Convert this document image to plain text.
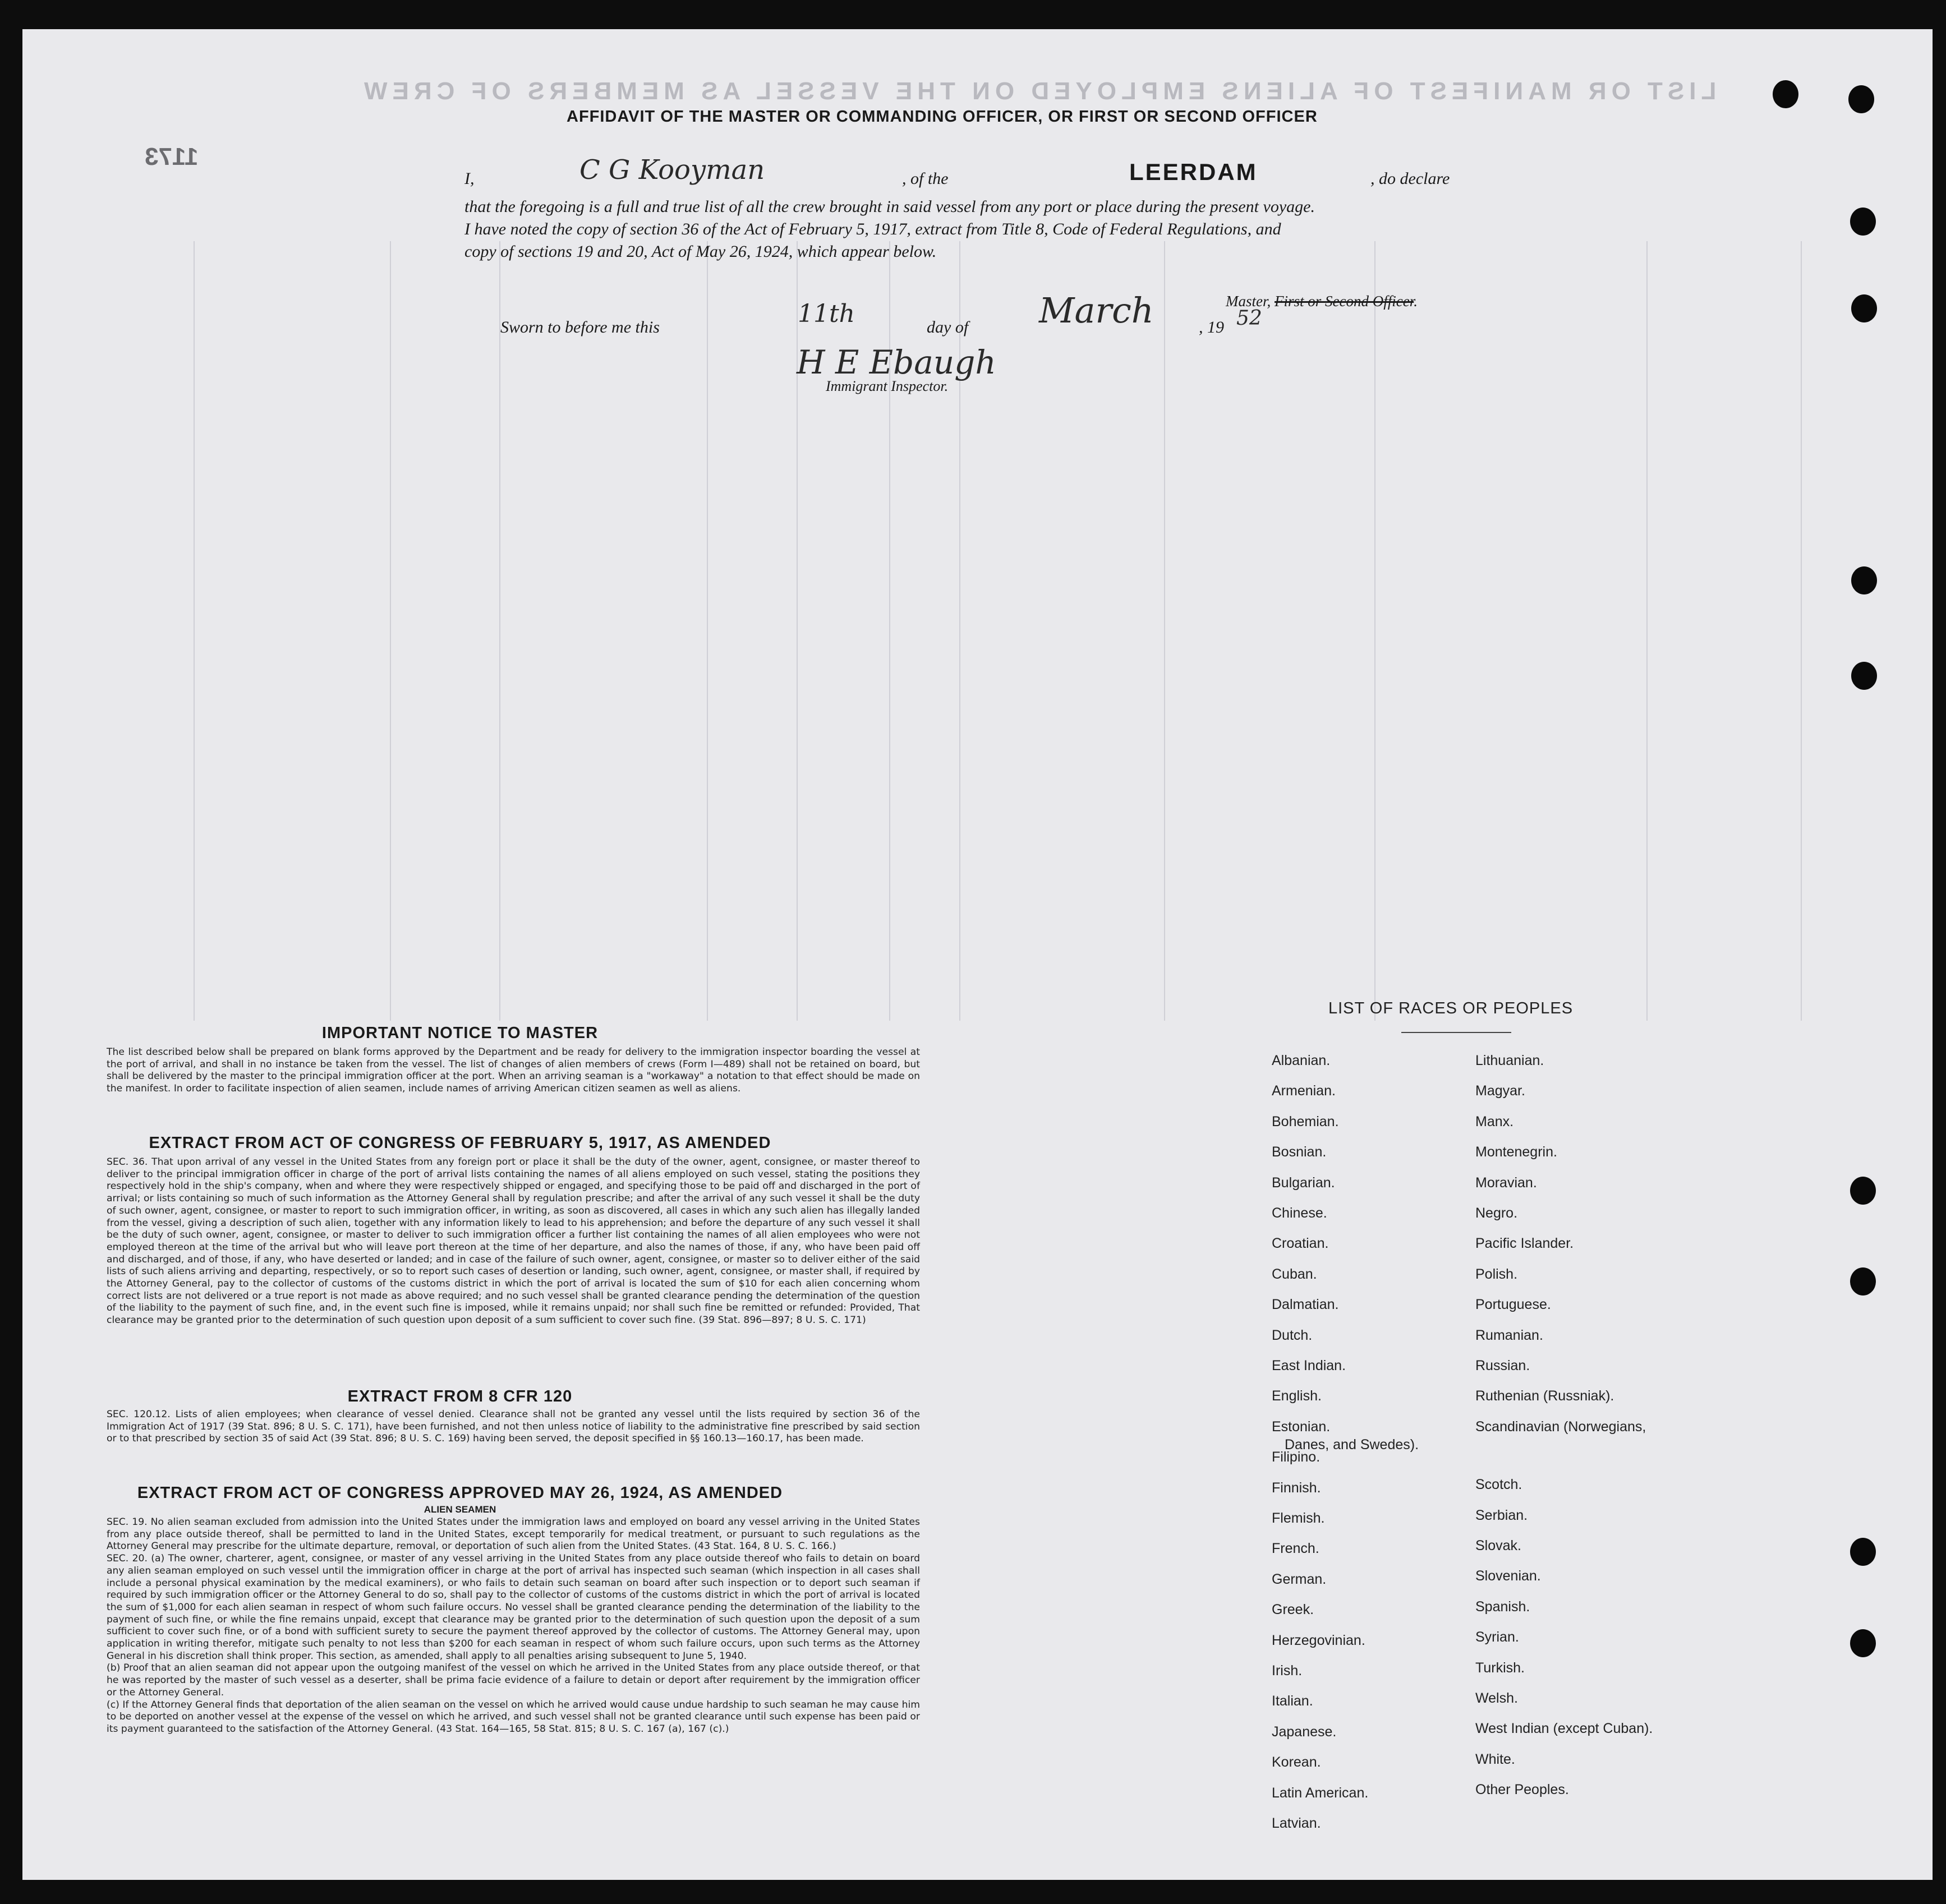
LIST OR MANIFEST OF ALIENS EMPLOYED ON THE VESSEL AS MEMBERS OF CREW
1173
AFFIDAVIT OF THE MASTER OR COMMANDING OFFICER, OR FIRST OR SECOND OFFICER
I,	C G Kooyman	, of the	LEERDAM	, do declare
that the foregoing is a full and true list of all the crew brought in said vessel from any port or place during the present voyage.
I have noted the copy of section 36 of the Act of February 5, 1917, extract from Title 8, Code of Federal Regulations, and
copy of sections 19 and 20, Act of May 26, 1924, which appear below.
Master, First or Second Officer.
Sworn to before me this	11th	day of March	, 19 52
H E Ebaugh
Immigrant Inspector.
IMPORTANT NOTICE TO MASTER

The list described below shall be prepared on blank forms approved by the Department and be ready for delivery to the immigration inspector boarding the vessel at the port of arrival, and shall in no instance be taken from the vessel. The list of changes of alien members of crews (Form I—489) shall not be retained on board, but shall be delivered by the master to the principal immigration officer at the port. When an arriving seaman is a "workaway" a notation to that effect should be made on the manifest. In order to facilitate inspection of alien seamen, include names of arriving American citizen seamen as well as aliens.

EXTRACT FROM ACT OF CONGRESS OF FEBRUARY 5, 1917, AS AMENDED

SEC. 36. That upon arrival of any vessel in the United States from any foreign port or place it shall be the duty of the owner, agent, consignee, or master thereof to deliver to the principal immigration officer in charge of the port of arrival lists containing the names of all aliens employed on such vessel, stating the positions they respectively hold in the ship's company, when and where they were respectively shipped or engaged, and specifying those to be paid off and discharged in the port of arrival; or lists containing so much of such information as the Attorney General shall by regulation prescribe; and after the arrival of any such vessel it shall be the duty of such owner, agent, consignee, or master to report to such immigration officer, in writing, as soon as discovered, all cases in which any such alien has illegally landed from the vessel, giving a description of such alien, together with any information likely to lead to his apprehension; and before the departure of any such vessel it shall be the duty of such owner, agent, consignee, or master to deliver to such immigration officer a further list containing the names of all alien employees who were not employed thereon at the time of the arrival but who will leave port thereon at the time of her departure, and also the names of those, if any, who have been paid off and discharged, and of those, if any, who have deserted or landed; and in case of the failure of such owner, agent, consignee, or master so to deliver either of the said lists of such aliens arriving and departing, respectively, or so to report such cases of desertion or landing, such owner, agent, consignee, or master shall, if required by the Attorney General, pay to the collector of customs of the customs district in which the port of arrival is located the sum of $10 for each alien concerning whom correct lists are not delivered or a true report is not made as above required; and no such vessel shall be granted clearance pending the determination of the question of the liability to the payment of such fine, and, in the event such fine is imposed, while it remains unpaid; nor shall such fine be remitted or refunded: Provided, That clearance may be granted prior to the determination of such question upon deposit of a sum sufficient to cover such fine. (39 Stat. 896—897; 8 U. S. C. 171)

EXTRACT FROM 8 CFR 120

SEC. 120.12. Lists of alien employees; when clearance of vessel denied. Clearance shall not be granted any vessel until the lists required by section 36 of the Immigration Act of 1917 (39 Stat. 896; 8 U. S. C. 171), have been furnished, and not then unless notice of liability to the administrative fine prescribed by said section or to that prescribed by section 35 of said Act (39 Stat. 896; 8 U. S. C. 169) having been served, the deposit specified in §§ 160.13—160.17, has been made.

EXTRACT FROM ACT OF CONGRESS APPROVED MAY 26, 1924, AS AMENDED
ALIEN SEAMEN

SEC. 19. No alien seaman excluded from admission into the United States under the immigration laws and employed on board any vessel arriving in the United States from any place outside thereof, shall be permitted to land in the United States, except temporarily for medical treatment, or pursuant to such regulations as the Attorney General may prescribe for the ultimate departure, removal, or deportation of such alien from the United States. (43 Stat. 164, 8 U. S. C. 166.)

SEC. 20. (a) The owner, charterer, agent, consignee, or master of any vessel arriving in the United States from any place outside thereof who fails to detain on board any alien seaman employed on such vessel until the immigration officer in charge at the port of arrival has inspected such seaman (which inspection in all cases shall include a personal physical examination by the medical examiners), or who fails to detain such seaman on board after such inspection or to deport such seaman if required by such immigration officer or the Attorney General to do so, shall pay to the collector of customs of the customs district in which the port of arrival is located the sum of $1,000 for each alien seaman in respect of whom such failure occurs. No vessel shall be granted clearance pending the determination of the liability to the payment of such fine, or while the fine remains unpaid, except that clearance may be granted prior to the determination of such question upon the deposit of a sum sufficient to cover such fine, or of a bond with sufficient surety to secure the payment thereof approved by the collector of customs. The Attorney General may, upon application in writing therefor, mitigate such penalty to not less than $200 for each seaman in respect of whom such failure occurs, upon such terms as the Attorney General in his discretion shall think proper. This section, as amended, shall apply to all penalties arising subsequent to June 5, 1940.

(b) Proof that an alien seaman did not appear upon the outgoing manifest of the vessel on which he arrived in the United States from any place outside thereof, or that he was reported by the master of such vessel as a deserter, shall be prima facie evidence of a failure to detain or deport after requirement by the immigration officer or the Attorney General.

(c) If the Attorney General finds that deportation of the alien seaman on the vessel on which he arrived would cause undue hardship to such seaman he may cause him to be deported on another vessel at the expense of the vessel on which he arrived, and such vessel shall not be granted clearance until such expense has been paid or its payment guaranteed to the satisfaction of the Attorney General. (43 Stat. 164—165, 58 Stat. 815; 8 U. S. C. 167 (a), 167 (c).)

LIST OF RACES OR PEOPLES
Albanian.
Armenian.
Bohemian.
Bosnian.
Bulgarian.
Chinese.
Croatian.
Cuban.
Dalmatian.
Dutch.
East Indian.
English.
Estonian.
Filipino.
Finnish.
Flemish.
French.
German.
Greek.
Herzegovinian.
Irish.
Italian.
Japanese.
Korean.
Latin American.
Latvian.
Lithuanian.
Magyar.
Manx.
Montenegrin.
Moravian.
Negro.
Pacific Islander.
Polish.
Portuguese.
Rumanian.
Russian.
Ruthenian (Russniak).
Scandinavian (Norwegians,
Danes, and Swedes).
Scotch.
Serbian.
Slovak.
Slovenian.
Spanish.
Syrian.
Turkish.
Welsh.
West Indian (except Cuban).
White.
Other Peoples.
